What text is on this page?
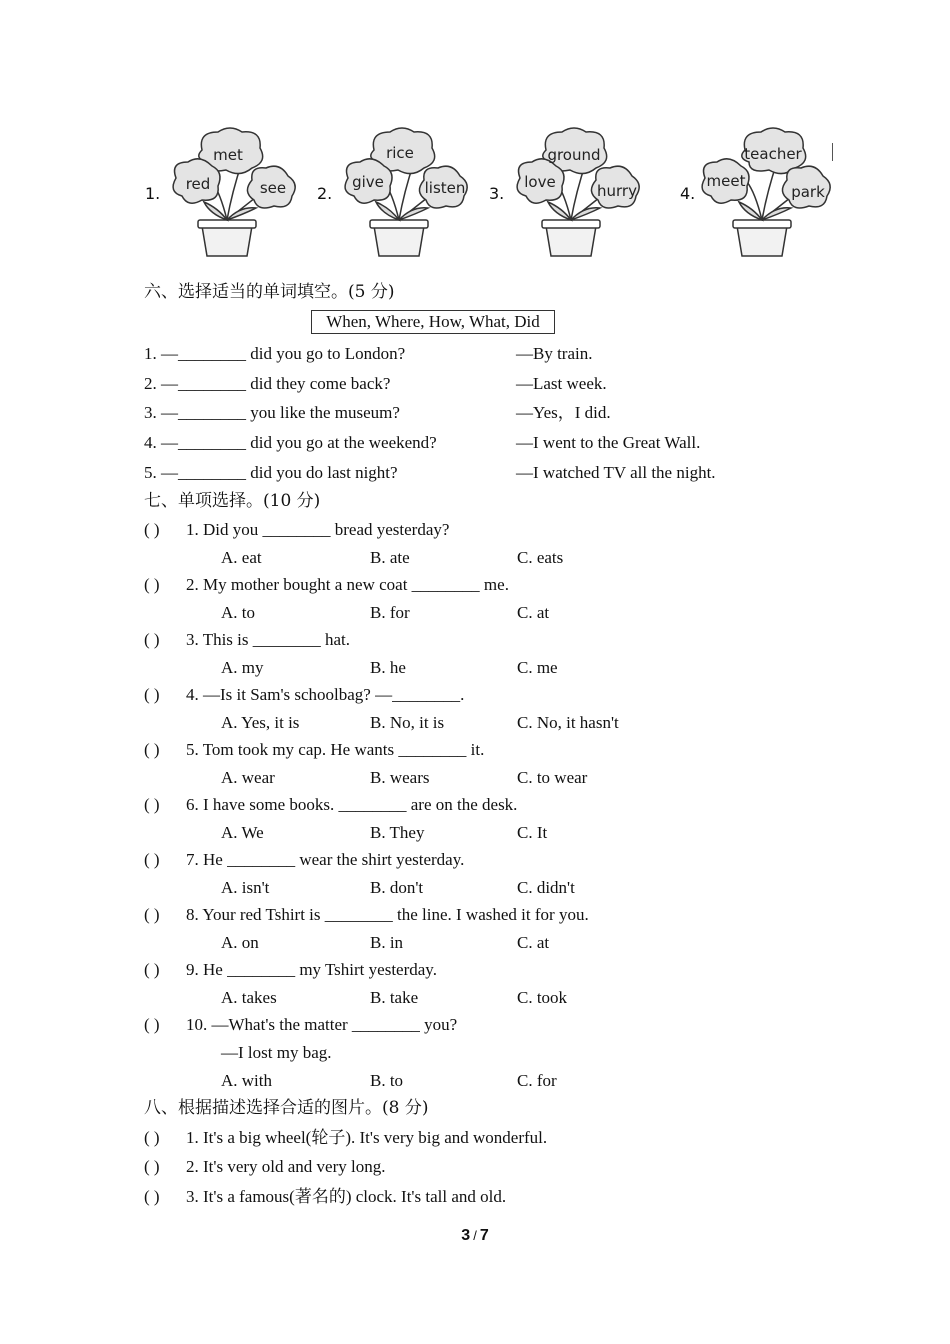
1.
met
red	see 2.
rice
give	listen 3.
ground
love	hurry	4.
teacher
meet
park
六、选择适当的单词填空。(5 分)
When, Where, How, What, Did
1. —________ did you go to London?	—By train.
2. —________ did they come back?	—Last week.
3. —________ you like the museum?	—Yes，I did.
4. —________ did you go at the weekend?	—I went to the Great Wall.
5. —________ did you do last night?	—I watched TV all the night.
七、单项选择。(10 分)
( ) 1. Did you ________ bread yesterday?
A. eat	B. ate	C. eats
( ) 2. My mother bought a new coat ________ me.
A. to	B. for	C. at
( ) 3. This is ________ hat.
A. my	B. he	C. me
( ) 4. —Is it Sam's schoolbag? —________.
A. Yes, it is	B. No, it is	C. No, it hasn't
( ) 5. Tom took my cap. He wants ________ it.
A. wear	B. wears	C. to wear
( ) 6. I have some books. ________ are on the desk.
A. We	B. They	C. It
( ) 7. He ________ wear the shirt yesterday.
A. isn't	B. don't	C. didn't
( ) 8. Your red Tshirt is ________ the line. I washed it for you.
A. on	B. in	C. at
( ) 9. He ________ my Tshirt yesterday.
A. takes	B. take	C. took
( ) 10. —What's the matter ________ you?
—I lost my bag.
A. with	B. to	C. for
八、根据描述选择合适的图片。(8 分)
( ) 1. It's a big wheel(轮子). It's very big and wonderful.
( ) 2. It's very old and very long.
( ) 3. It's a famous(著名的) clock. It's tall and old.
3 / 7
